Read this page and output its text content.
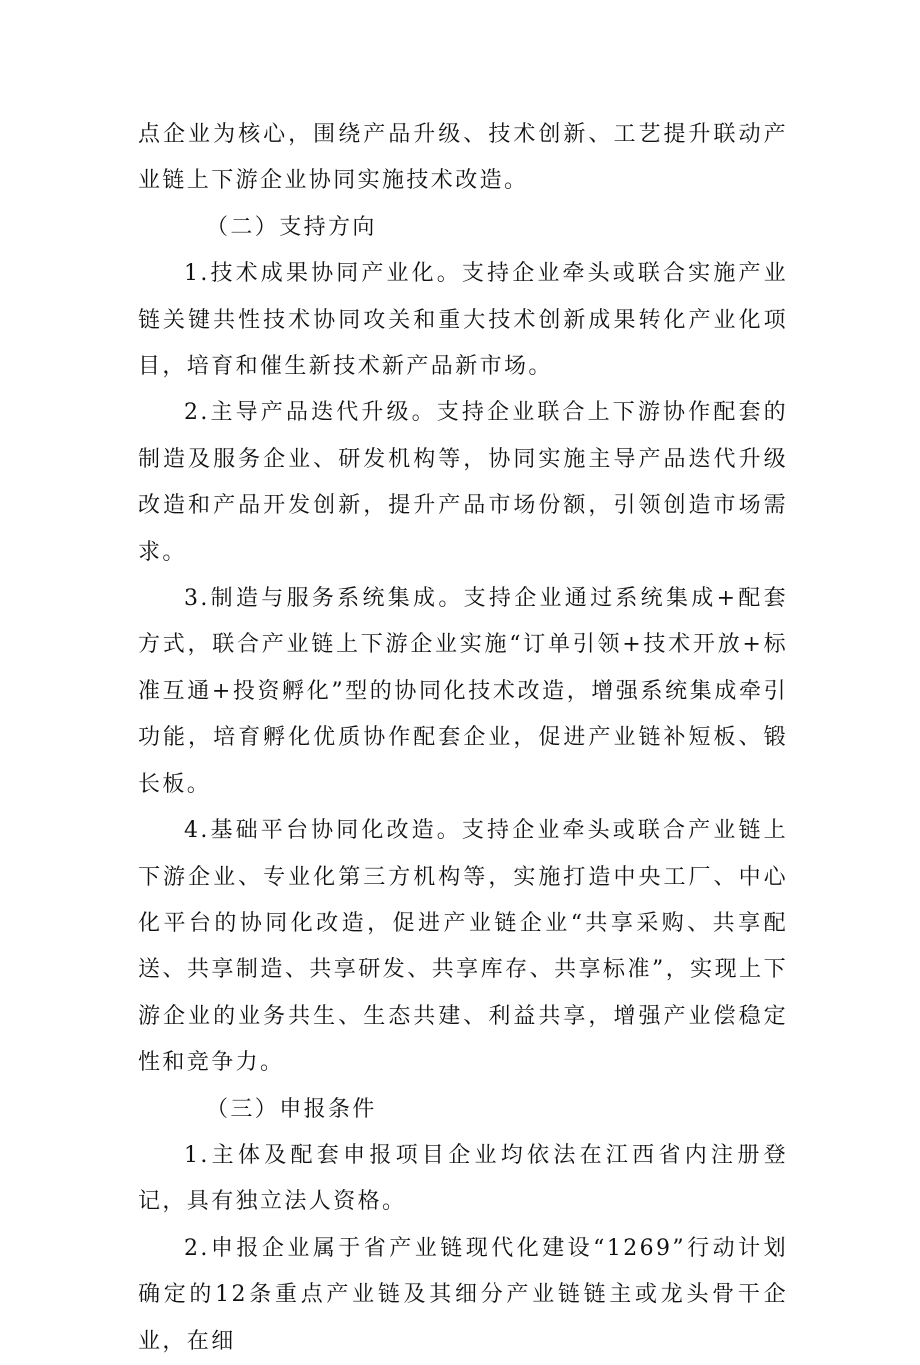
点企业为核心，围绕产品升级、技术创新、工艺提升联动产业链上下游企业协同实施技术改造。

（二）支持方向

1.技术成果协同产业化。支持企业牵头或联合实施产业链关键共性技术协同攻关和重大技术创新成果转化产业化项目，培育和催生新技术新产品新市场。

2.主导产品迭代升级。支持企业联合上下游协作配套的制造及服务企业、研发机构等，协同实施主导产品迭代升级改造和产品开发创新，提升产品市场份额，引领创造市场需求。

3.制造与服务系统集成。支持企业通过系统集成+配套方式，联合产业链上下游企业实施“订单引领+技术开放+标准互通+投资孵化”型的协同化技术改造，增强系统集成牵引功能，培育孵化优质协作配套企业，促进产业链补短板、锻长板。

4.基础平台协同化改造。支持企业牵头或联合产业链上下游企业、专业化第三方机构等，实施打造中央工厂、中心化平台的协同化改造，促进产业链企业“共享采购、共享配送、共享制造、共享研发、共享库存、共享标准”，实现上下游企业的业务共生、生态共建、利益共享，增强产业偿稳定性和竞争力。

（三）申报条件

1.主体及配套申报项目企业均依法在江西省内注册登记，具有独立法人资格。

2.申报企业属于省产业链现代化建设“1269”行动计划确定的12条重点产业链及其细分产业链链主或龙头骨干企业，在细
